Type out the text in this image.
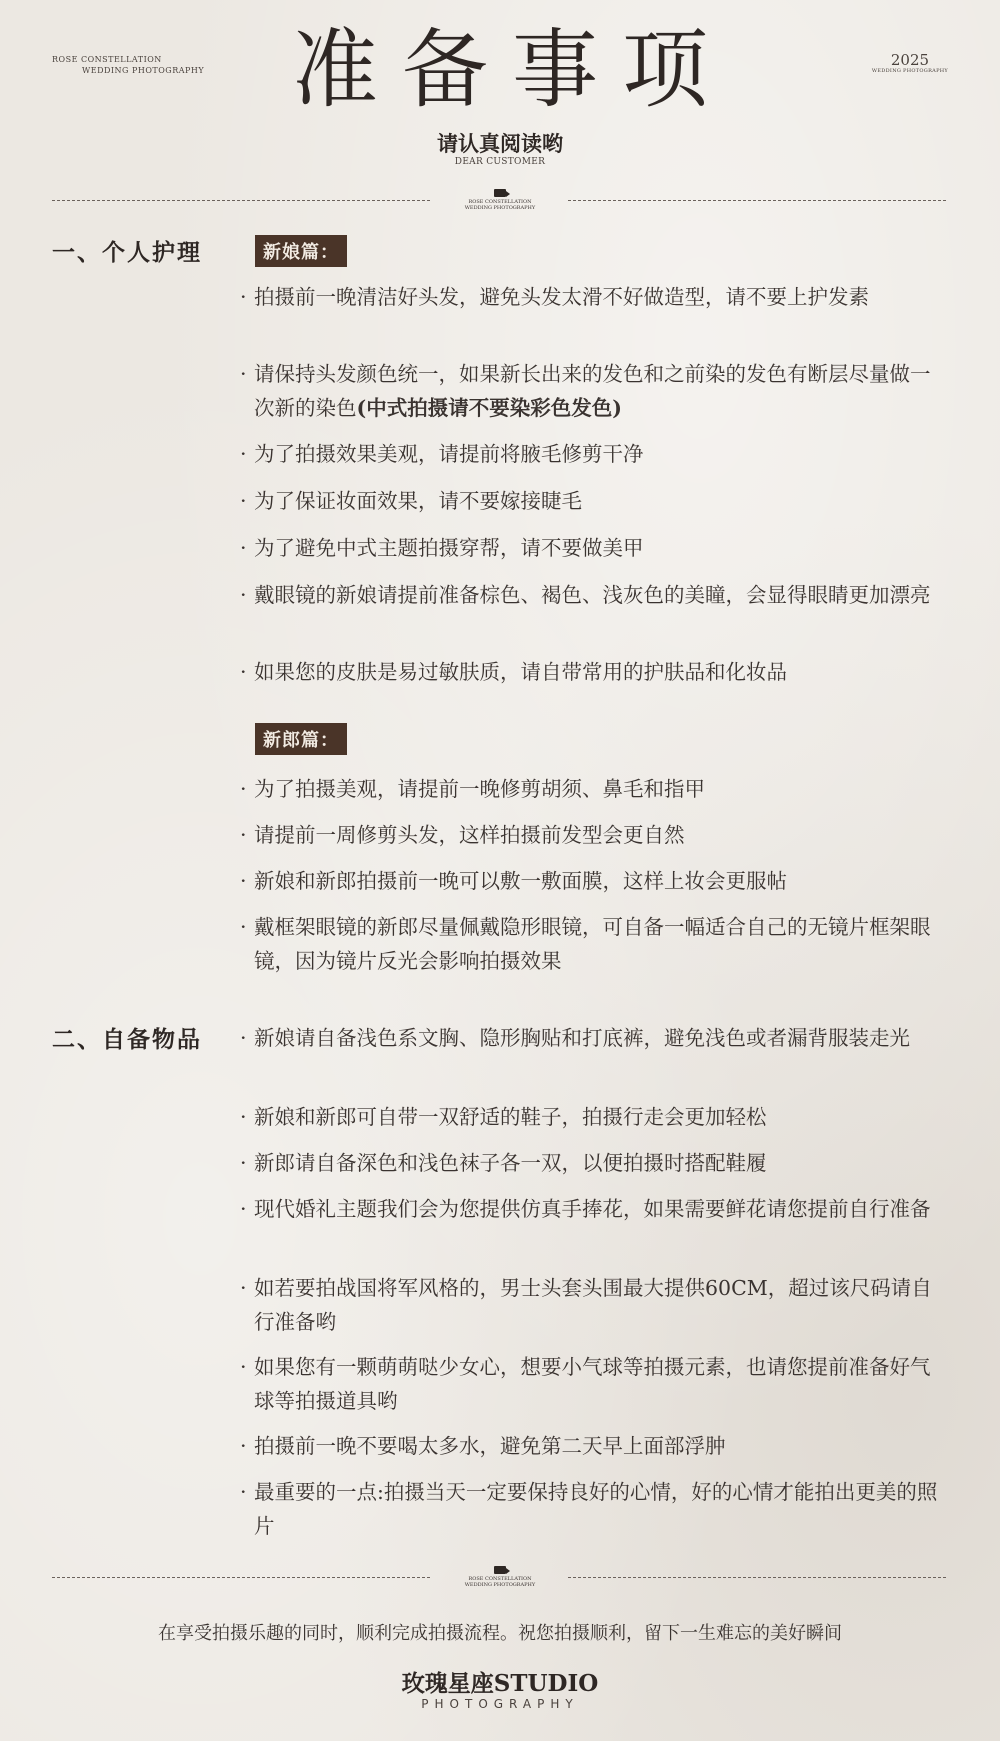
ROSE CONSTELLATION
WEDDING PHOTOGRAPHY	准备事项	2025
WEDDING PHOTOGRAPHY
请认真阅读哟
DEAR CUSTOMER
ROSE CONSTELLATION
WEDDING PHOTOGRAPHY
一、个人护理	新娘篇：
· 拍摄前一晚清洁好头发，避免头发太滑不好做造型，请不要上护发素
· 请保持头发颜色统一，如果新长出来的发色和之前染的发色有断层尽量做一次新的染色(中式拍摄请不要染彩色发色)
· 为了拍摄效果美观，请提前将腋毛修剪干净
· 为了保证妆面效果，请不要嫁接睫毛
· 为了避免中式主题拍摄穿帮，请不要做美甲
· 戴眼镜的新娘请提前准备棕色、褐色、浅灰色的美瞳，会显得眼睛更加漂亮
· 如果您的皮肤是易过敏肤质，请自带常用的护肤品和化妆品
新郎篇：
· 为了拍摄美观，请提前一晚修剪胡须、鼻毛和指甲
· 请提前一周修剪头发，这样拍摄前发型会更自然
· 新娘和新郎拍摄前一晚可以敷一敷面膜，这样上妆会更服帖
· 戴框架眼镜的新郎尽量佩戴隐形眼镜，可自备一幅适合自己的无镜片框架眼镜，因为镜片反光会影响拍摄效果
二、自备物品
·	新娘请自备浅色系文胸、隐形胸贴和打底裤，避免浅色或者漏背服装走光
· 新娘和新郎可自带一双舒适的鞋子，拍摄行走会更加轻松
· 新郎请自备深色和浅色袜子各一双，以便拍摄时搭配鞋履
· 现代婚礼主题我们会为您提供仿真手捧花，如果需要鲜花请您提前自行准备
· 如若要拍战国将军风格的，男士头套头围最大提供60CM，超过该尺码请自行准备哟
· 如果您有一颗萌萌哒少女心，想要小气球等拍摄元素，也请您提前准备好气球等拍摄道具哟
· 拍摄前一晚不要喝太多水，避免第二天早上面部浮肿
· 最重要的一点:拍摄当天一定要保持良好的心情，好的心情才能拍出更美的照片
ROSE CONSTELLATION
WEDDING PHOTOGRAPHY
在享受拍摄乐趣的同时，顺利完成拍摄流程。祝您拍摄顺利，留下一生难忘的美好瞬间
玫瑰星座STUDIO
PHOTOGRAPHY
